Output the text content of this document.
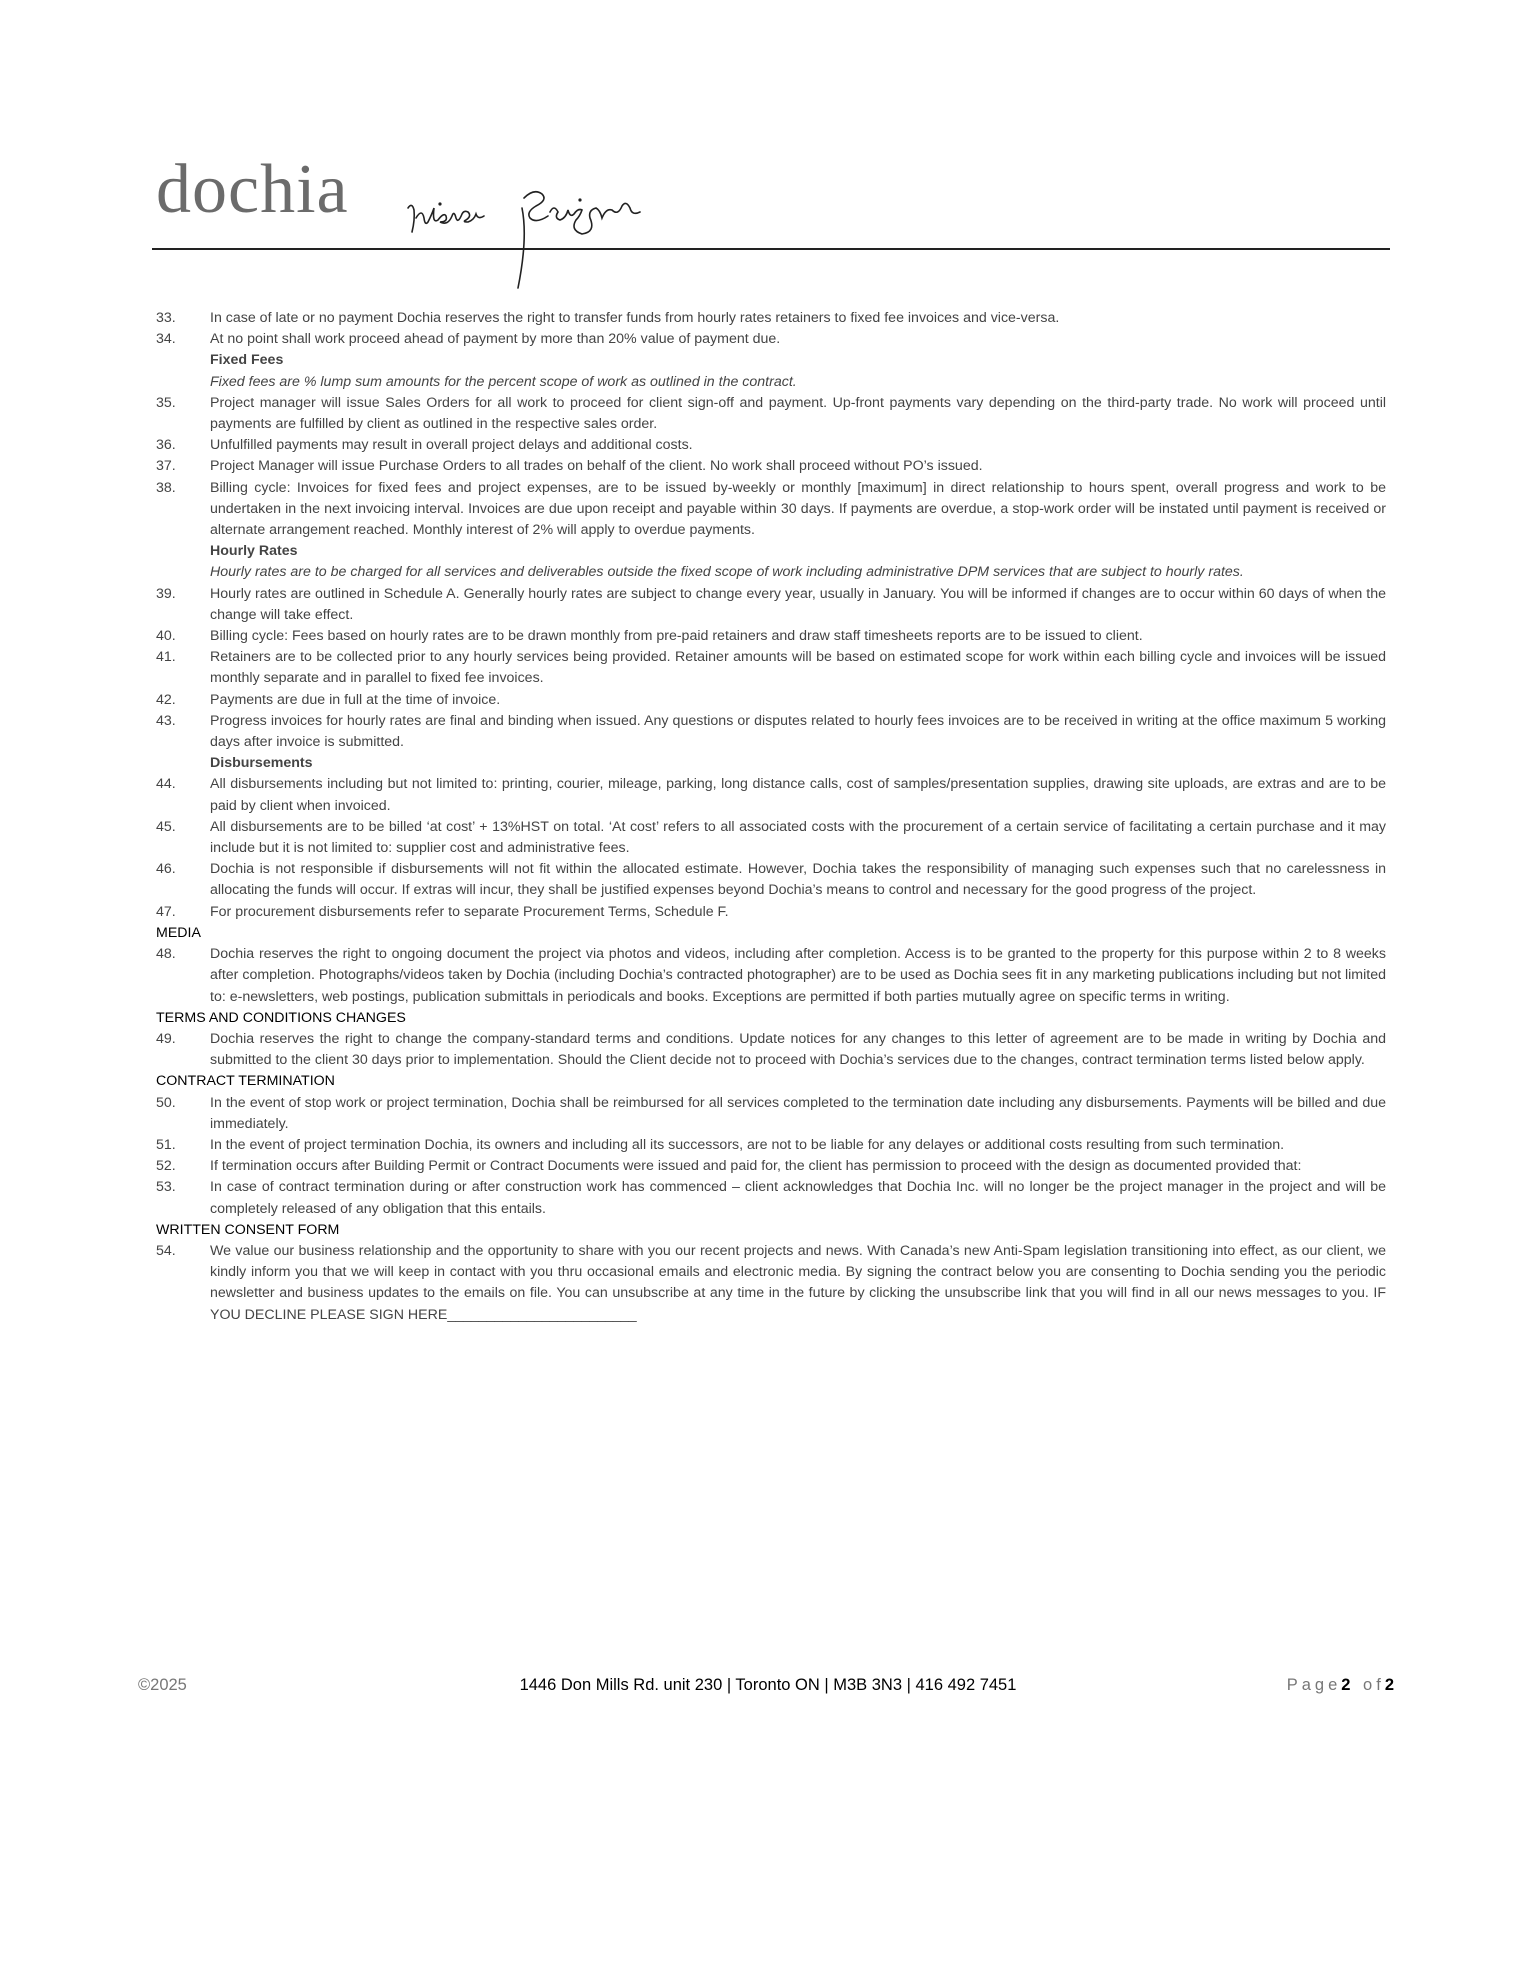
dochia
33.	In case of late or no payment Dochia reserves the right to transfer funds from hourly rates retainers to fixed fee invoices and vice-versa.
34.	At no point shall work proceed ahead of payment by more than 20% value of payment due.
Fixed Fees
Fixed fees are % lump sum amounts for the percent scope of work as outlined in the contract.
35.	Project manager will issue Sales Orders for all work to proceed for client sign-off and payment. Up-front payments vary depending on the third-party trade. No work will proceed until payments are fulfilled by client as outlined in the respective sales order.
36.	Unfulfilled payments may result in overall project delays and additional costs.
37.	Project Manager will issue Purchase Orders to all trades on behalf of the client. No work shall proceed without PO’s issued.
38.	Billing cycle: Invoices for fixed fees and project expenses, are to be issued by-weekly or monthly [maximum] in direct relationship to hours spent, overall progress and work to be undertaken in the next invoicing interval. Invoices are due upon receipt and payable within 30 days. If payments are overdue, a stop-work order will be instated until payment is received or alternate arrangement reached. Monthly interest of 2% will apply to overdue payments.
Hourly Rates
Hourly rates are to be charged for all services and deliverables outside the fixed scope of work including administrative DPM services that are subject to hourly rates.
39.	Hourly rates are outlined in Schedule A. Generally hourly rates are subject to change every year, usually in January. You will be informed if changes are to occur within 60 days of when the change will take effect.
40.	Billing cycle: Fees based on hourly rates are to be drawn monthly from pre-paid retainers and draw staff timesheets reports are to be issued to client.
41.	Retainers are to be collected prior to any hourly services being provided. Retainer amounts will be based on estimated scope for work within each billing cycle and invoices will be issued monthly separate and in parallel to fixed fee invoices.
42.	Payments are due in full at the time of invoice.
43.	Progress invoices for hourly rates are final and binding when issued. Any questions or disputes related to hourly fees invoices are to be received in writing at the office maximum 5 working days after invoice is submitted.
Disbursements
44.	All disbursements including but not limited to: printing, courier, mileage, parking, long distance calls, cost of samples/presentation supplies, drawing site uploads, are extras and are to be paid by client when invoiced.
45.	All disbursements are to be billed ‘at cost’ + 13%HST on total. ‘At cost’ refers to all associated costs with the procurement of a certain service of facilitating a certain purchase and it may include but it is not limited to: supplier cost and administrative fees.
46.	Dochia is not responsible if disbursements will not fit within the allocated estimate. However, Dochia takes the responsibility of managing such expenses such that no carelessness in allocating the funds will occur. If extras will incur, they shall be justified expenses beyond Dochia’s means to control and necessary for the good progress of the project.
47.	For procurement disbursements refer to separate Procurement Terms, Schedule F.
MEDIA
48.	Dochia reserves the right to ongoing document the project via photos and videos, including after completion. Access is to be granted to the property for this purpose within 2 to 8 weeks after completion. Photographs/videos taken by Dochia (including Dochia’s contracted photographer) are to be used as Dochia sees fit in any marketing publications including but not limited to: e-newsletters, web postings, publication submittals in periodicals and books. Exceptions are permitted if both parties mutually agree on specific terms in writing.
TERMS AND CONDITIONS CHANGES
49.	Dochia reserves the right to change the company-standard terms and conditions. Update notices for any changes to this letter of agreement are to be made in writing by Dochia and submitted to the client 30 days prior to implementation. Should the Client decide not to proceed with Dochia’s services due to the changes, contract termination terms listed below apply.
CONTRACT TERMINATION
50.	In the event of stop work or project termination, Dochia shall be reimbursed for all services completed to the termination date including any disbursements. Payments will be billed and due immediately.
51.	In the event of project termination Dochia, its owners and including all its successors, are not to be liable for any delayes or additional costs resulting from such termination.
52.	If termination occurs after Building Permit or Contract Documents were issued and paid for, the client has permission to proceed with the design as documented provided that:
53.	In case of contract termination during or after construction work has commenced – client acknowledges that Dochia Inc. will no longer be the project manager in the project and will be completely released of any obligation that this entails.
WRITTEN CONSENT FORM
54.	We value our business relationship and the opportunity to share with you our recent projects and news. With Canada’s new Anti-Spam legislation transitioning into effect, as our client, we kindly inform you that we will keep in contact with you thru occasional emails and electronic media. By signing the contract below you are consenting to Dochia sending you the periodic newsletter and business updates to the emails on file. You can unsubscribe at any time in the future by clicking the unsubscribe link that you will find in all our news messages to you. IF YOU DECLINE PLEASE SIGN HERE________________________
©2025	1446 Don Mills Rd. unit 230 | Toronto ON | M3B 3N3 | 416 492 7451	Page2 of2
